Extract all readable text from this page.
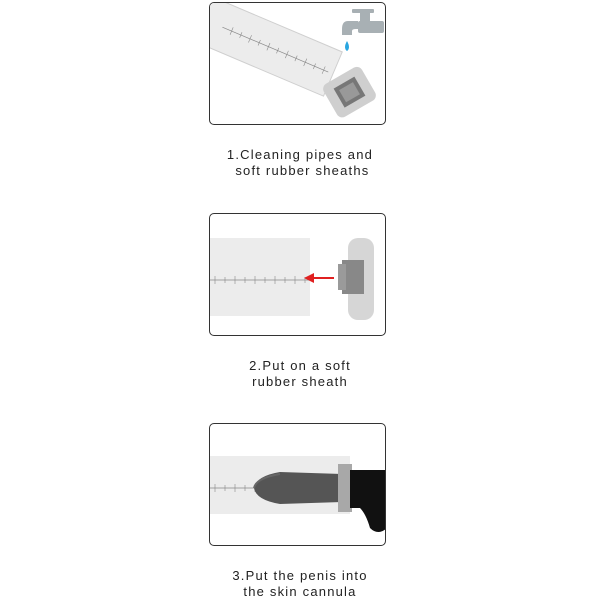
1.Cleaning pipes and
soft rubber sheaths
2.Put on a soft
rubber sheath
3.Put the penis into
the skin cannula
